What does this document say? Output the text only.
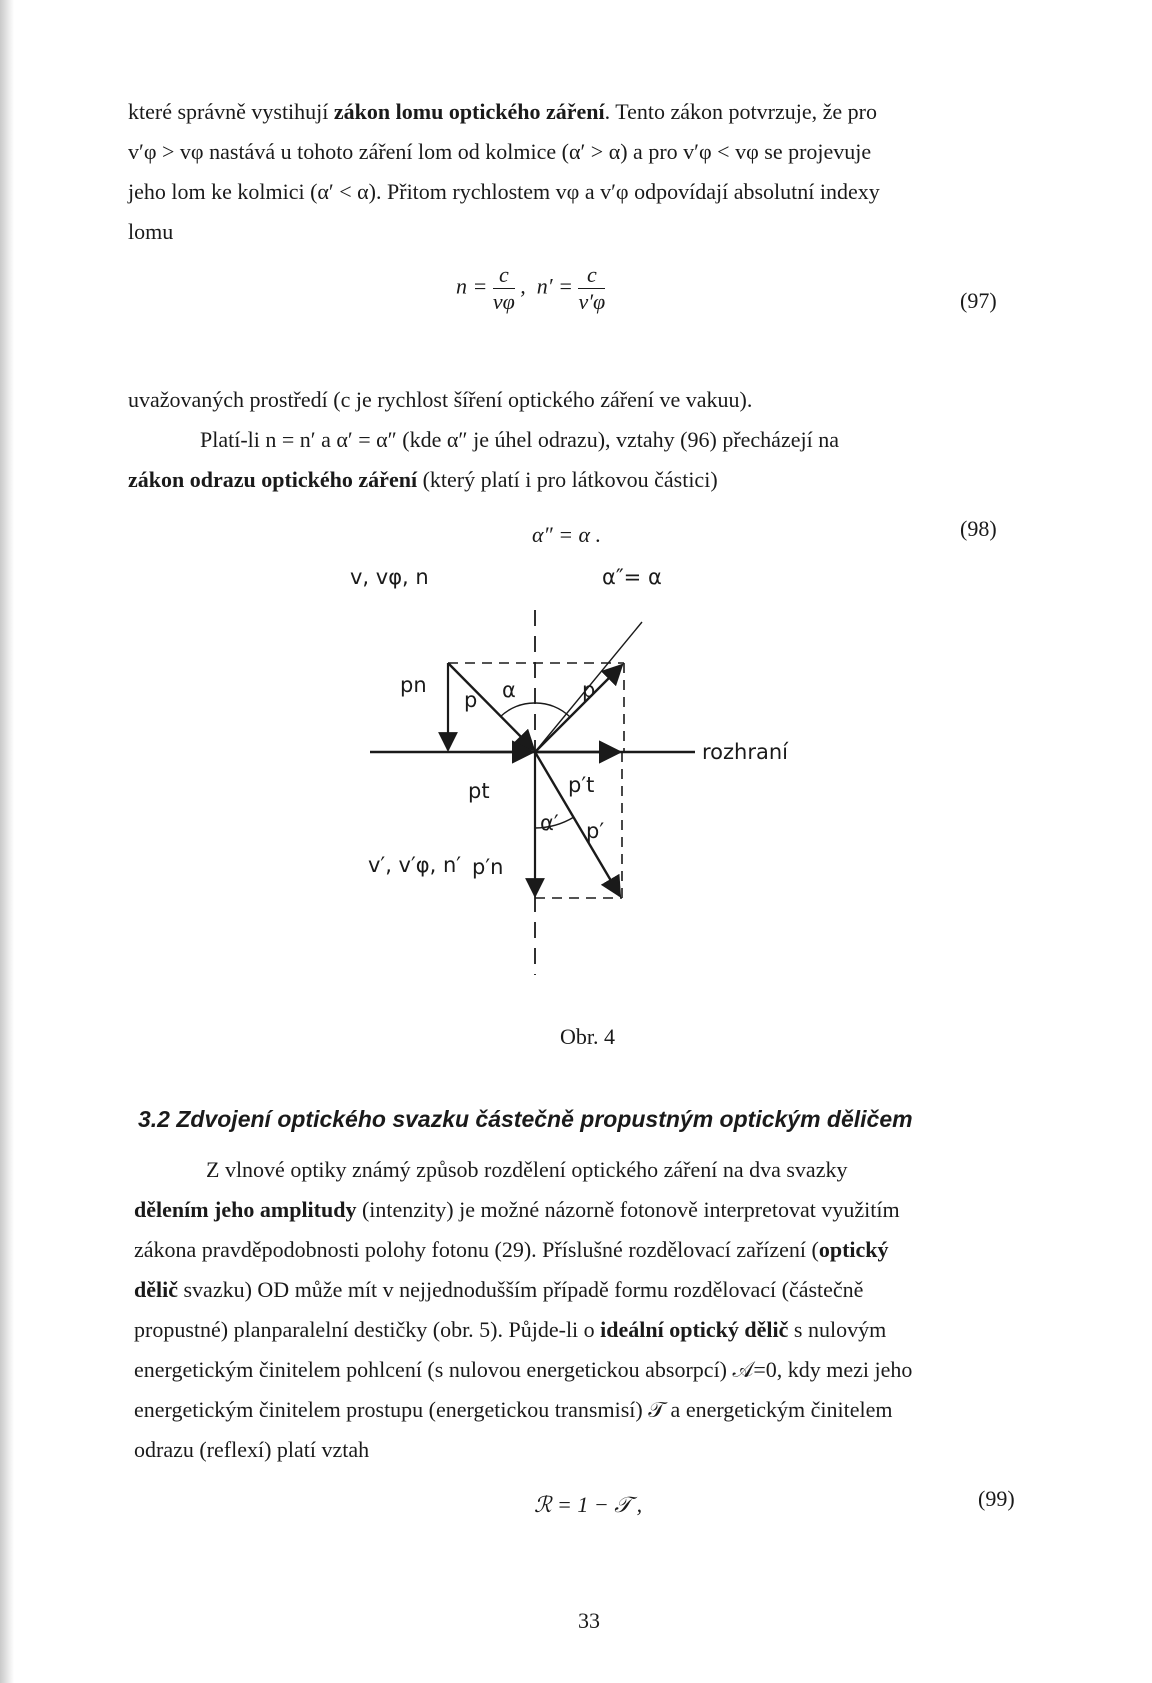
které správně vystihují zákon lomu optického záření. Tento zákon potvrzuje, že pro
v′φ > vφ nastává u tohoto záření lom od kolmice (α′ > α) a pro v′φ < vφ se projevuje
jeho lom ke kolmici (α′ < α). Přitom rychlostem vφ a v′φ odpovídají absolutní indexy
lomu
$n = \frac{c}{v\varphi}$ , $n' = \frac{c}{v'\varphi}$	(97)
uvažovaných prostředí (c je rychlost šíření optického záření ve vakuu).
Platí-li n = n′ a α′ = α″ (kde α″ je úhel odrazu), vztahy (96) přecházejí na
zákon odrazu optického záření (který platí i pro látkovou částici)
α″ = α .	(98)
v, vφ, n	α″= α
pn
p α	p
rozhraní
pt	p′t
α′ p′
v′, v′φ, n′ p′n
Obr. 4
3.2 Zdvojení optického svazku částečně propustným optickým děličem
Z vlnové optiky známý způsob rozdělení optického záření na dva svazky
dělením jeho amplitudy (intenzity) je možné názorně fotonově interpretovat využitím
zákona pravděpodobnosti polohy fotonu (29). Příslušné rozdělovací zařízení (optický
dělič svazku) OD může mít v nejjednodušším případě formu rozdělovací (částečně
propustné) planparalelní destičky (obr. 5). Půjde-li o ideální optický dělič s nulovým
energetickým činitelem pohlcení (s nulovou energetickou absorpcí) 𝒜=0, kdy mezi jeho
energetickým činitelem prostupu (energetickou transmisí) 𝒯 a energetickým činitelem
odrazu (reflexí) platí vztah
ℛ = 1 − 𝒯 ,	(99)
33
